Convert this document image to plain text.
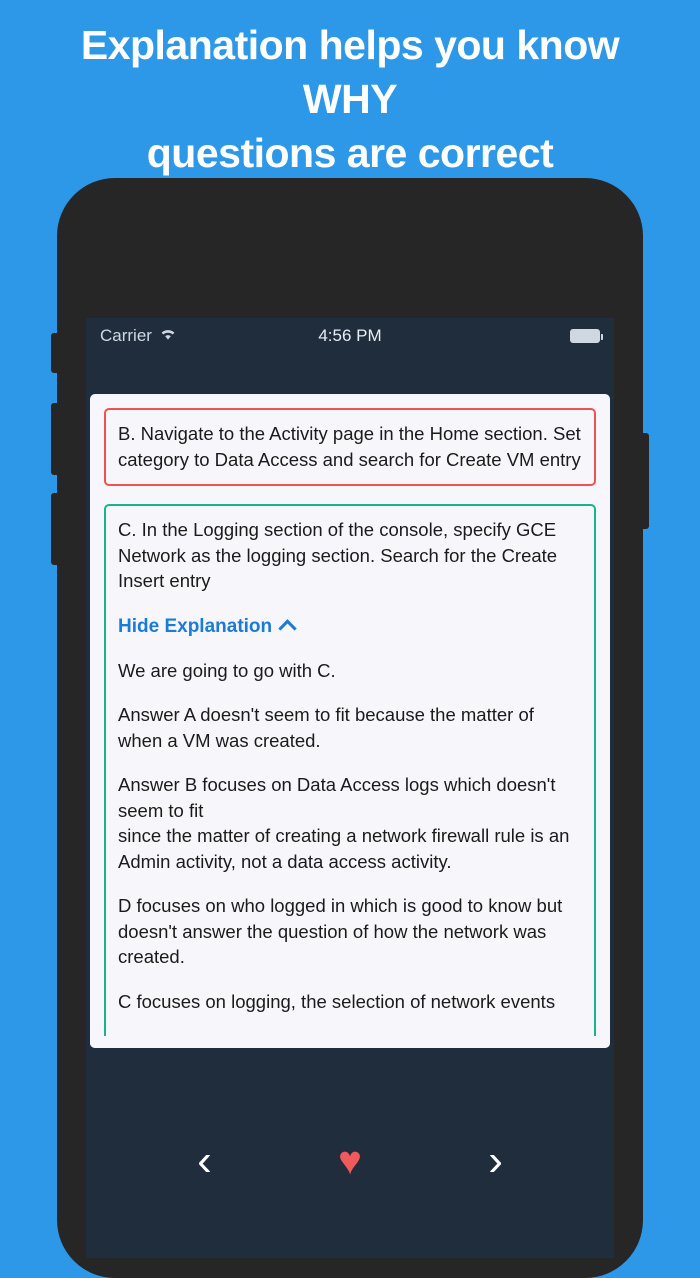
Explanation helps you know WHY
questions are correct
Carrier	4:56 PM
B. Navigate to the Activity page in the Home section. Set category to Data Access and search for Create VM entry
C. In the Logging section of the console, specify GCE Network as the logging section. Search for the Create Insert entry
Hide Explanation
We are going to go with C.
Answer A doesn't seem to fit because the matter of when a VM was created.
Answer B focuses on Data Access logs which doesn't seem to fit
since the matter of creating a network firewall rule is an Admin activity, not a data access activity.
D focuses on who logged in which is good to know but doesn't answer the question of how the network was created.
C focuses on logging, the selection of network events
‹	♥	›
